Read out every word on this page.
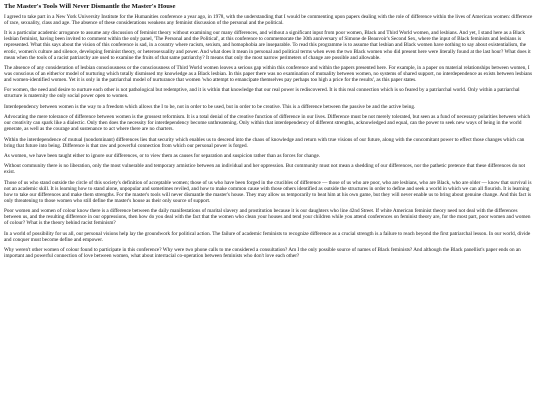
The Master's Tools Will Never Dismantle the Master's House

I agreed to take part in a New York University Institute for the Humanities conference a year ago, in 1978, with the understanding that I would be commenting upon papers dealing with the role of difference within the lives of American women: difference of race, sexuality, class and age. The absence of these considerations weakens any feminist discussion of the personal and the political.

It is a particular academic arrogance to assume any discussion of feminist theory without examining our many differences, and without a significant input from poor women, Black and Third World women, and lesbians. And yet, I stand here as a Black lesbian feminist, having been invited to comment within the only panel, 'The Personal and the Political', at this conference to commemorate the 30th anniversary of Simone de Beauvoir's Second Sex, where the input of Black feminists and lesbians is represented. What this says about the vision of this conference is sad, in a country where racism, sexism, and homophobia are inseparable. To read this programme is to assume that lesbian and Black women have nothing to say about existentialism, the erotic, women's culture and silence, developing feminist theory, or heterosexuality and power. And what does it mean in personal and political terms when even the two Black women who did present here were literally found at the last hour? What does it mean when the tools of a racist patriarchy are used to examine the fruits of that same patriarchy? It means that only the most narrow perimeters of change are possible and allowable.

The absence of any consideration of lesbian consciousness or the consciousness of Third World women leaves a serious gap within this conference and within the papers presented here. For example, in a paper on material relationships between women, I was conscious of an either/or model of nurturing which totally dismissed my knowledge as a Black lesbian. In this paper there was no examination of mutuality between women, no systems of shared support, no interdependence as exists between lesbians and women-identified women. Yet it is only in the patriarchal model of nurturance that women 'who attempt to emancipate themselves pay perhaps too high a price for the results', as this paper states.

For women, the need and desire to nurture each other is not pathological but redemptive, and it is within that knowledge that our real power is rediscovered. It is this real connection which is so feared by a patriarchal world. Only within a patriarchal structure is maternity the only social power open to women.

Interdependency between women is the way to a freedom which allows the I to be, not in order to be used, but in order to be creative. This is a difference between the passive be and the active being.

Advocating the mere tolerance of difference between women is the grossest reformism. It is a total denial of the creative function of difference in our lives. Difference must be not merely tolerated, but seen as a fund of necessary polarities between which our creativity can spark like a dialectic. Only then does the necessity for interdependency become unthreatening. Only within that interdependency of different strengths, acknowledged and equal, can the power to seek new ways of being in the world generate, as well as the courage and sustenance to act where there are no charters.

Within the interdependence of mutual (nondominant) differences lies that security which enables us to descend into the chaos of knowledge and return with true visions of our future, along with the concomitant power to effect those changes which can bring that future into being. Difference is that raw and powerful connection from which our personal power is forged.

As women, we have been taught either to ignore our differences, or to view them as causes for separation and suspicion rather than as forces for change.

Without community there is no liberation, only the most vulnerable and temporary armistice between an individual and her oppression. But community must not mean a shedding of our differences, nor the pathetic pretence that these differences do not exist.

Those of us who stand outside the circle of this society's definition of acceptable women; those of us who have been forged in the crucibles of difference — those of us who are poor, who are lesbians, who are Black, who are older — know that survival is not an academic skill. It is learning how to stand alone, unpopular and sometimes reviled, and how to make common cause with those others identified as outside the structures in order to define and seek a world in which we can all flourish. It is learning how to take our differences and make them strengths. For the master's tools will never dismantle the master's house. They may allow us temporarily to beat him at his own game, but they will never enable us to bring about genuine change. And this fact is only threatening to those women who still define the master's house as their only source of support.

Poor women and women of colour know there is a difference between the daily manifestations of marital slavery and prostitution because it is our daughters who line 42nd Street. If white American feminist theory need not deal with the differences between us, and the resulting difference in our oppressions, then how do you deal with the fact that the women who clean your houses and tend your children while you attend conferences on feminist theory are, for the most part, poor women and women of colour? What is the theory behind racist feminism?

In a world of possibility for us all, our personal visions help lay the groundwork for political action. The failure of academic feminists to recognize difference as a crucial strength is a failure to reach beyond the first patriarchal lesson. In our world, divide and conquer must become define and empower.

Why weren't other women of colour found to participate in this conference? Why were two phone calls to me considered a consultation? Am I the only possible source of names of Black feminists? And although the Black panellist's paper ends on an important and powerful connection of love between women, what about interracial co-operation between feminists who don't love each other?
